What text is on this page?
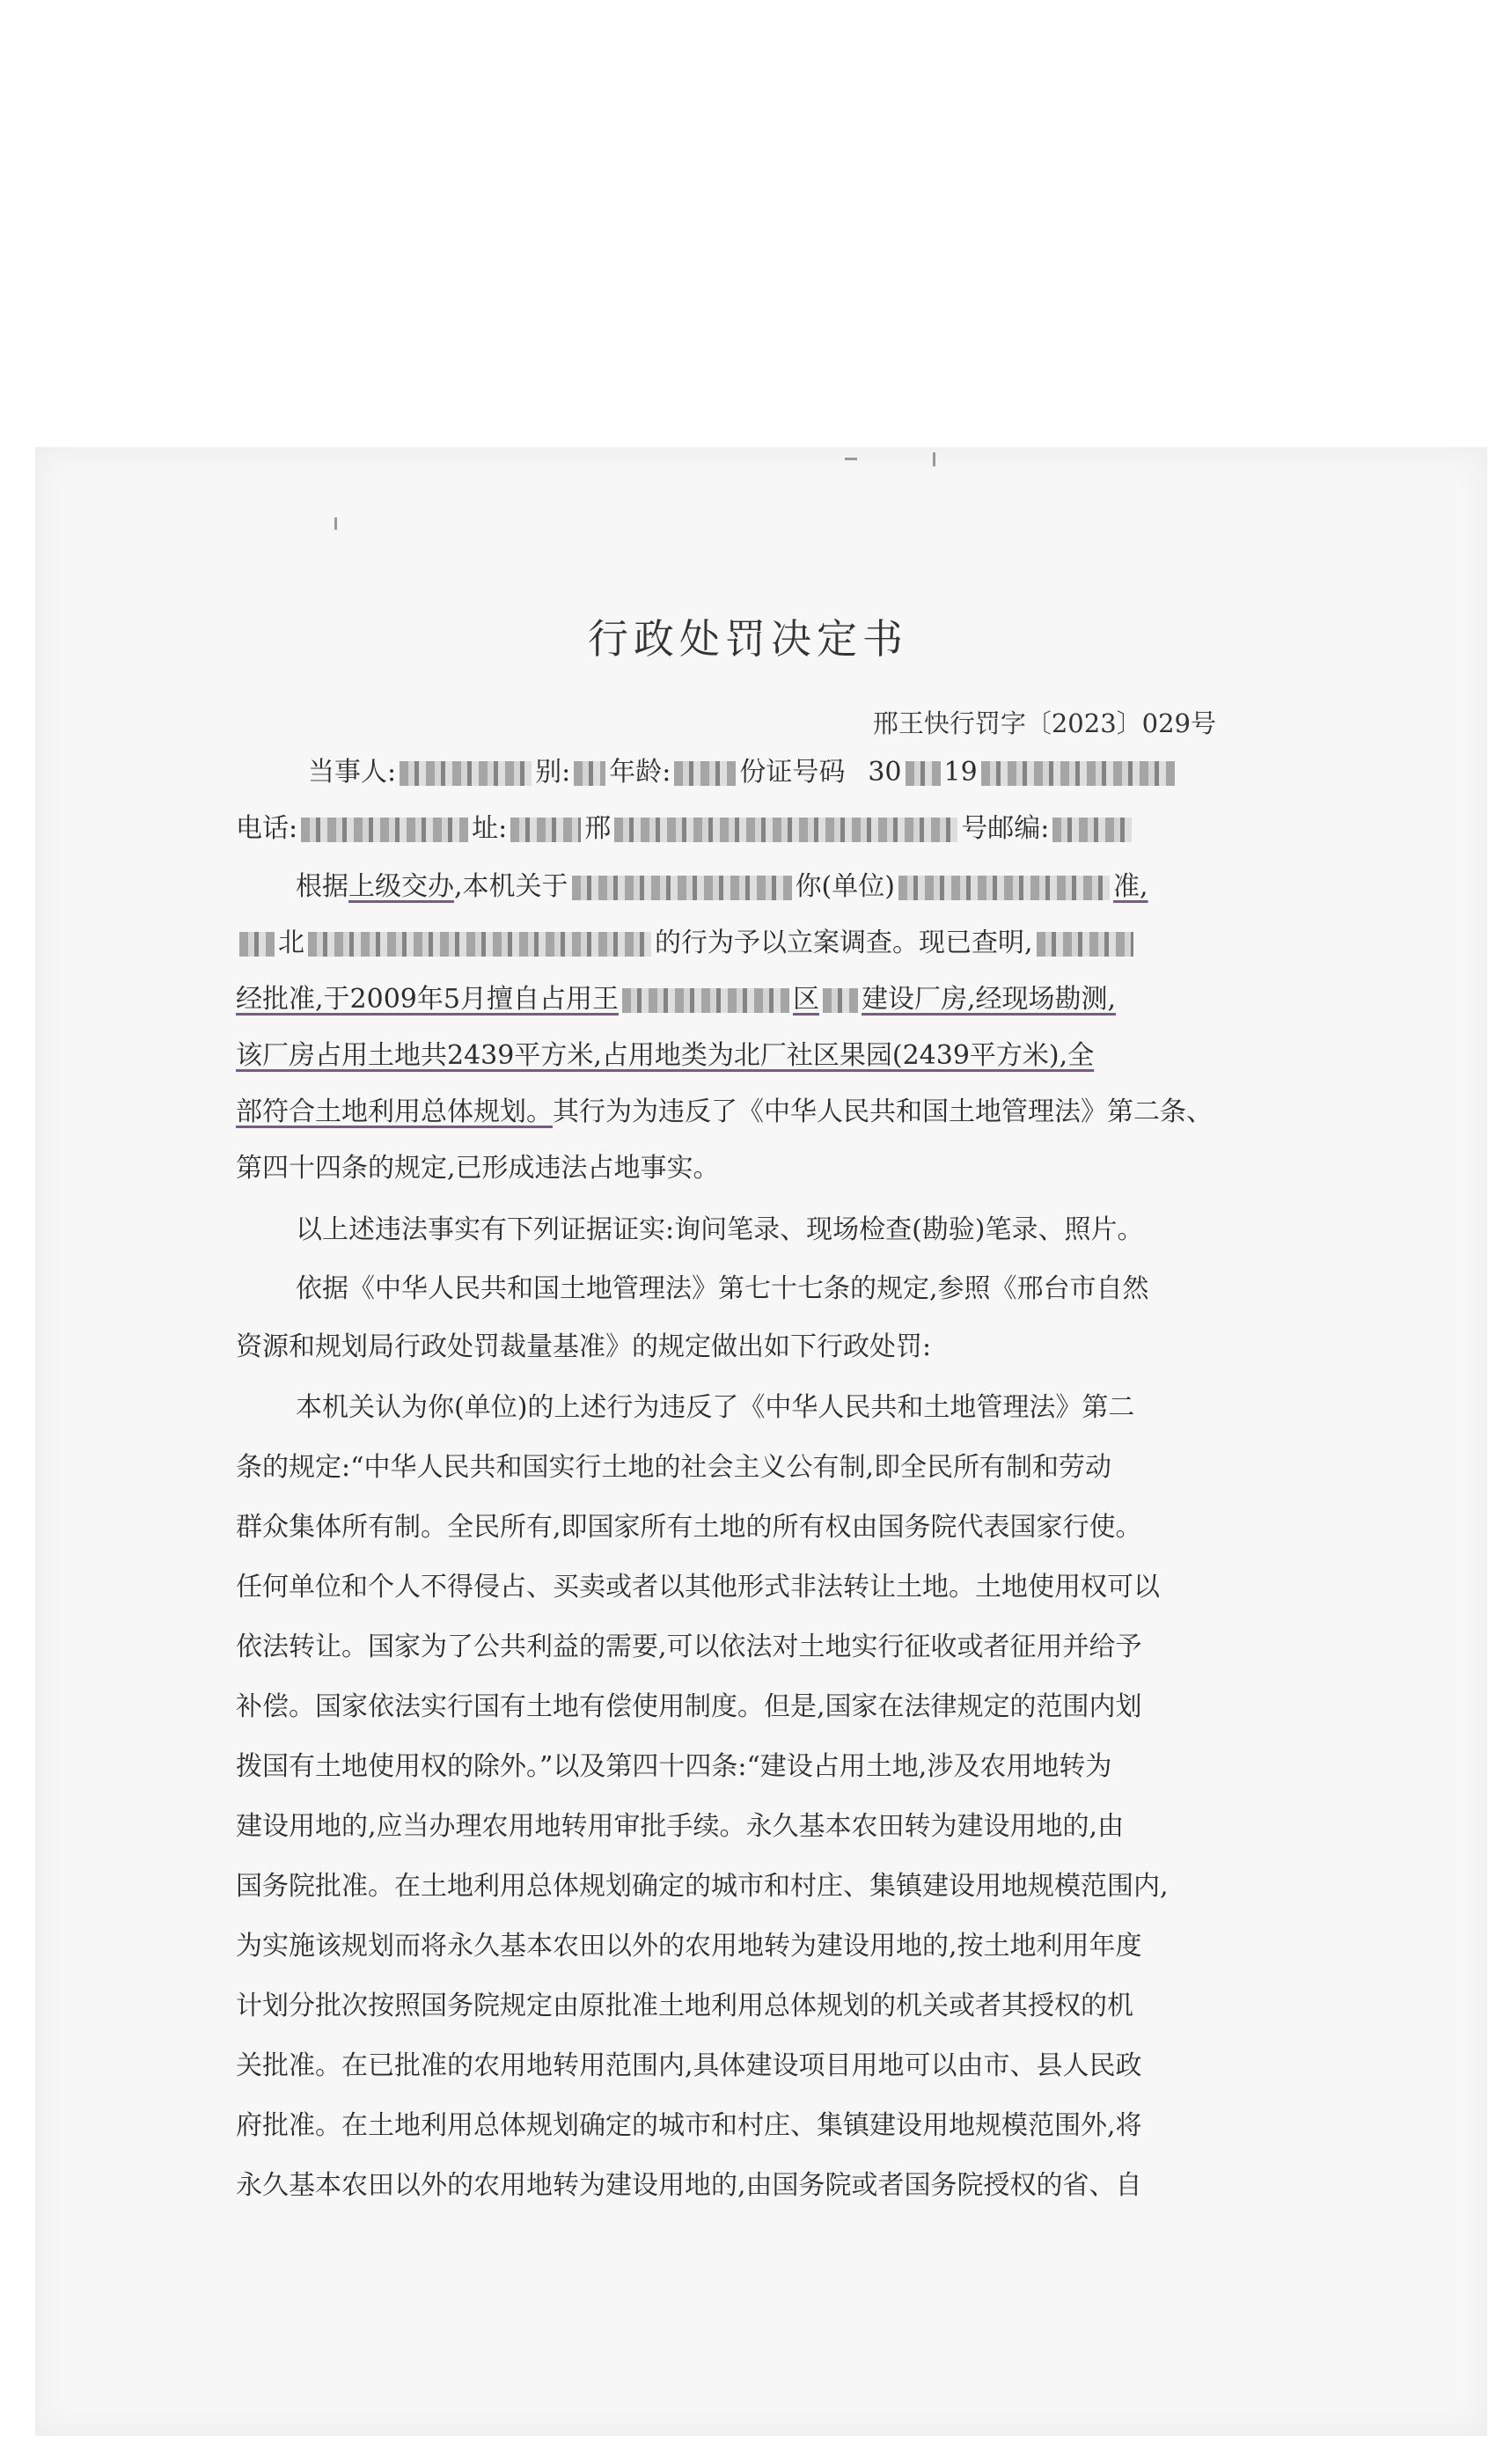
行政处罚决定书
邢王快行罚字〔2023〕029号
当事人:	别: 年龄:	份证号码 30 19
电话:	址:	邢	号邮编:
根据上级交办,本机关于	你(单位)	准,
北	的行为予以立案调查。现已查明,
经批准,于2009年5月擅自占用王	区 建设厂房,经现场勘测,
该厂房占用土地共2439平方米,占用地类为北厂社区果园(2439平方米),全
部符合土地利用总体规划。其行为为违反了《中华人民共和国土地管理法》第二条、
第四十四条的规定,已形成违法占地事实。
以上述违法事实有下列证据证实:询问笔录、现场检查(勘验)笔录、照片。
依据《中华人民共和国土地管理法》第七十七条的规定,参照《邢台市自然
资源和规划局行政处罚裁量基准》的规定做出如下行政处罚:
本机关认为你(单位)的上述行为违反了《中华人民共和土地管理法》第二
条的规定:“中华人民共和国实行土地的社会主义公有制,即全民所有制和劳动
群众集体所有制。全民所有,即国家所有土地的所有权由国务院代表国家行使。
任何单位和个人不得侵占、买卖或者以其他形式非法转让土地。土地使用权可以
依法转让。国家为了公共利益的需要,可以依法对土地实行征收或者征用并给予
补偿。国家依法实行国有土地有偿使用制度。但是,国家在法律规定的范围内划
拨国有土地使用权的除外。”以及第四十四条:“建设占用土地,涉及农用地转为
建设用地的,应当办理农用地转用审批手续。永久基本农田转为建设用地的,由
国务院批准。在土地利用总体规划确定的城市和村庄、集镇建设用地规模范围内,
为实施该规划而将永久基本农田以外的农用地转为建设用地的,按土地利用年度
计划分批次按照国务院规定由原批准土地利用总体规划的机关或者其授权的机
关批准。在已批准的农用地转用范围内,具体建设项目用地可以由市、县人民政
府批准。在土地利用总体规划确定的城市和村庄、集镇建设用地规模范围外,将
永久基本农田以外的农用地转为建设用地的,由国务院或者国务院授权的省、自
